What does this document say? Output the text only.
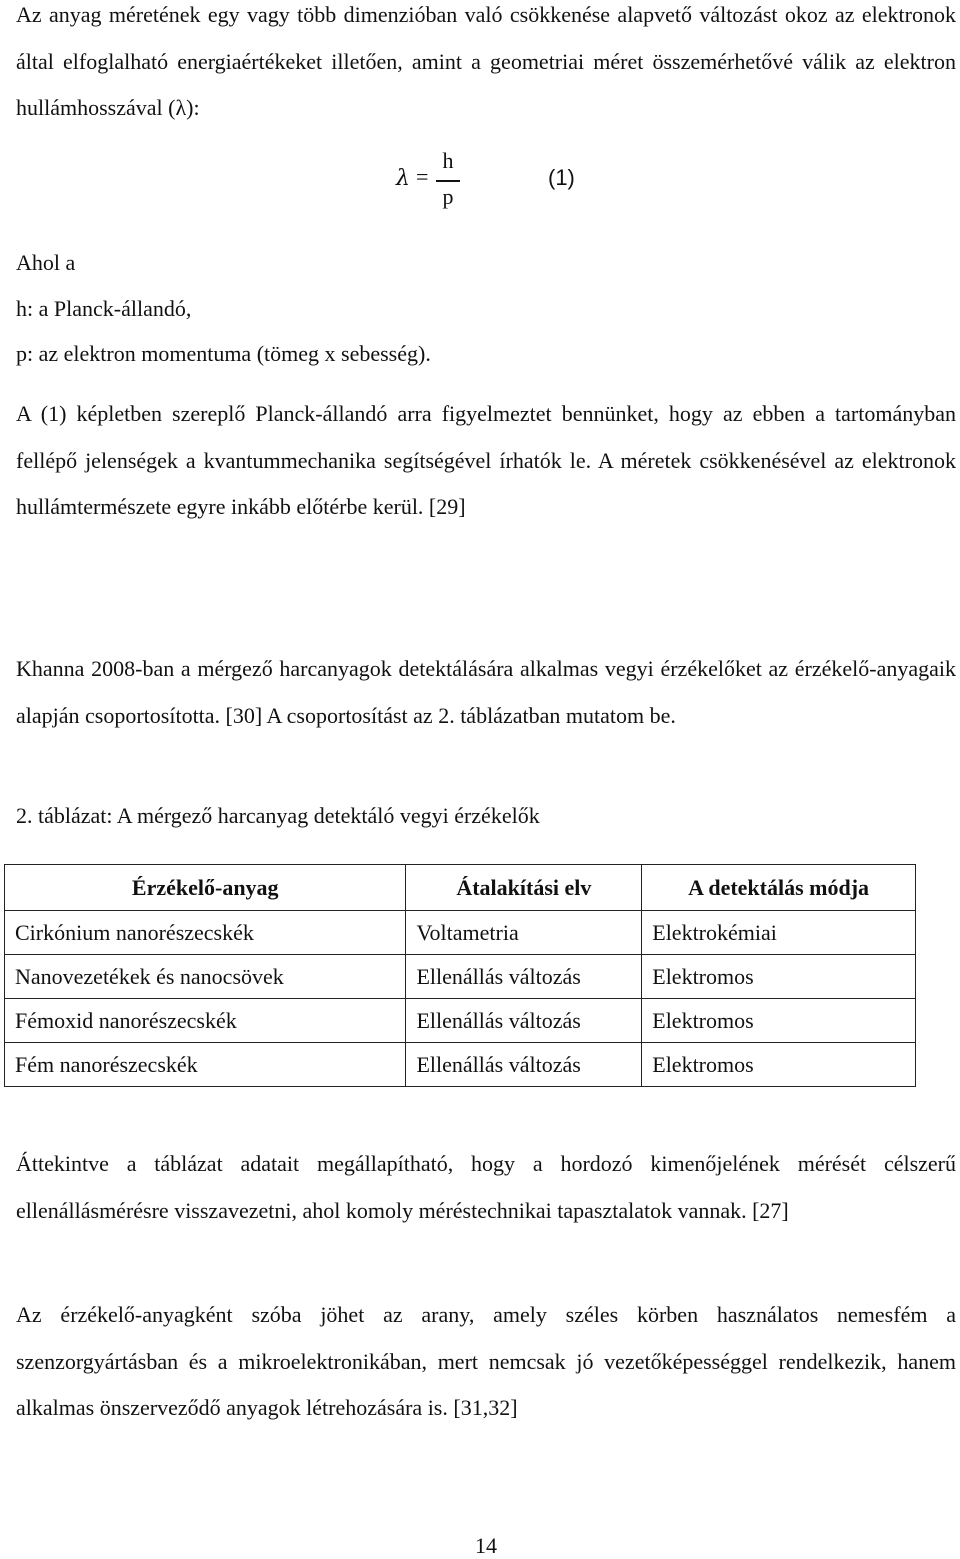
Az anyag méretének egy vagy több dimenzióban való csökkenése alapvető változást okoz az elektronok által elfoglalható energiaértékeket illetően, amint a geometriai méret összemérhetővé válik az elektron hullámhosszával (λ):

λ =
h
p
(1)
Ahol a
h: a Planck-állandó,
p: az elektron momentuma (tömeg x sebesség).

A (1) képletben szereplő Planck-állandó arra figyelmeztet bennünket, hogy az ebben a tartományban fellépő jelenségek a kvantummechanika segítségével írhatók le. A méretek csökkenésével az elektronok hullámtermészete egyre inkább előtérbe kerül. [29]

Khanna 2008-ban a mérgező harcanyagok detektálására alkalmas vegyi érzékelőket az érzékelő-anyagaik alapján csoportosította. [30] A csoportosítást az 2. táblázatban mutatom be.

2. táblázat: A mérgező harcanyag detektáló vegyi érzékelők
Érzékelő-anyag	Átalakítási elv	A detektálás módja
Cirkónium nanorészecskék	Voltametria	Elektrokémiai
Nanovezetékek és nanocsövek	Ellenállás változás	Elektromos
Fémoxid nanorészecskék	Ellenállás változás	Elektromos
Fém nanorészecskék	Ellenállás változás	Elektromos

Áttekintve a táblázat adatait megállapítható, hogy a hordozó kimenőjelének mérését célszerű ellenállásmérésre visszavezetni, ahol komoly méréstechnikai tapasztalatok vannak. [27]

Az érzékelő-anyagként szóba jöhet az arany, amely széles körben használatos nemesfém a szenzorgyártásban és a mikroelektronikában, mert nemcsak jó vezetőképességgel rendelkezik, hanem alkalmas önszerveződő anyagok létrehozására is. [31,32]

14
